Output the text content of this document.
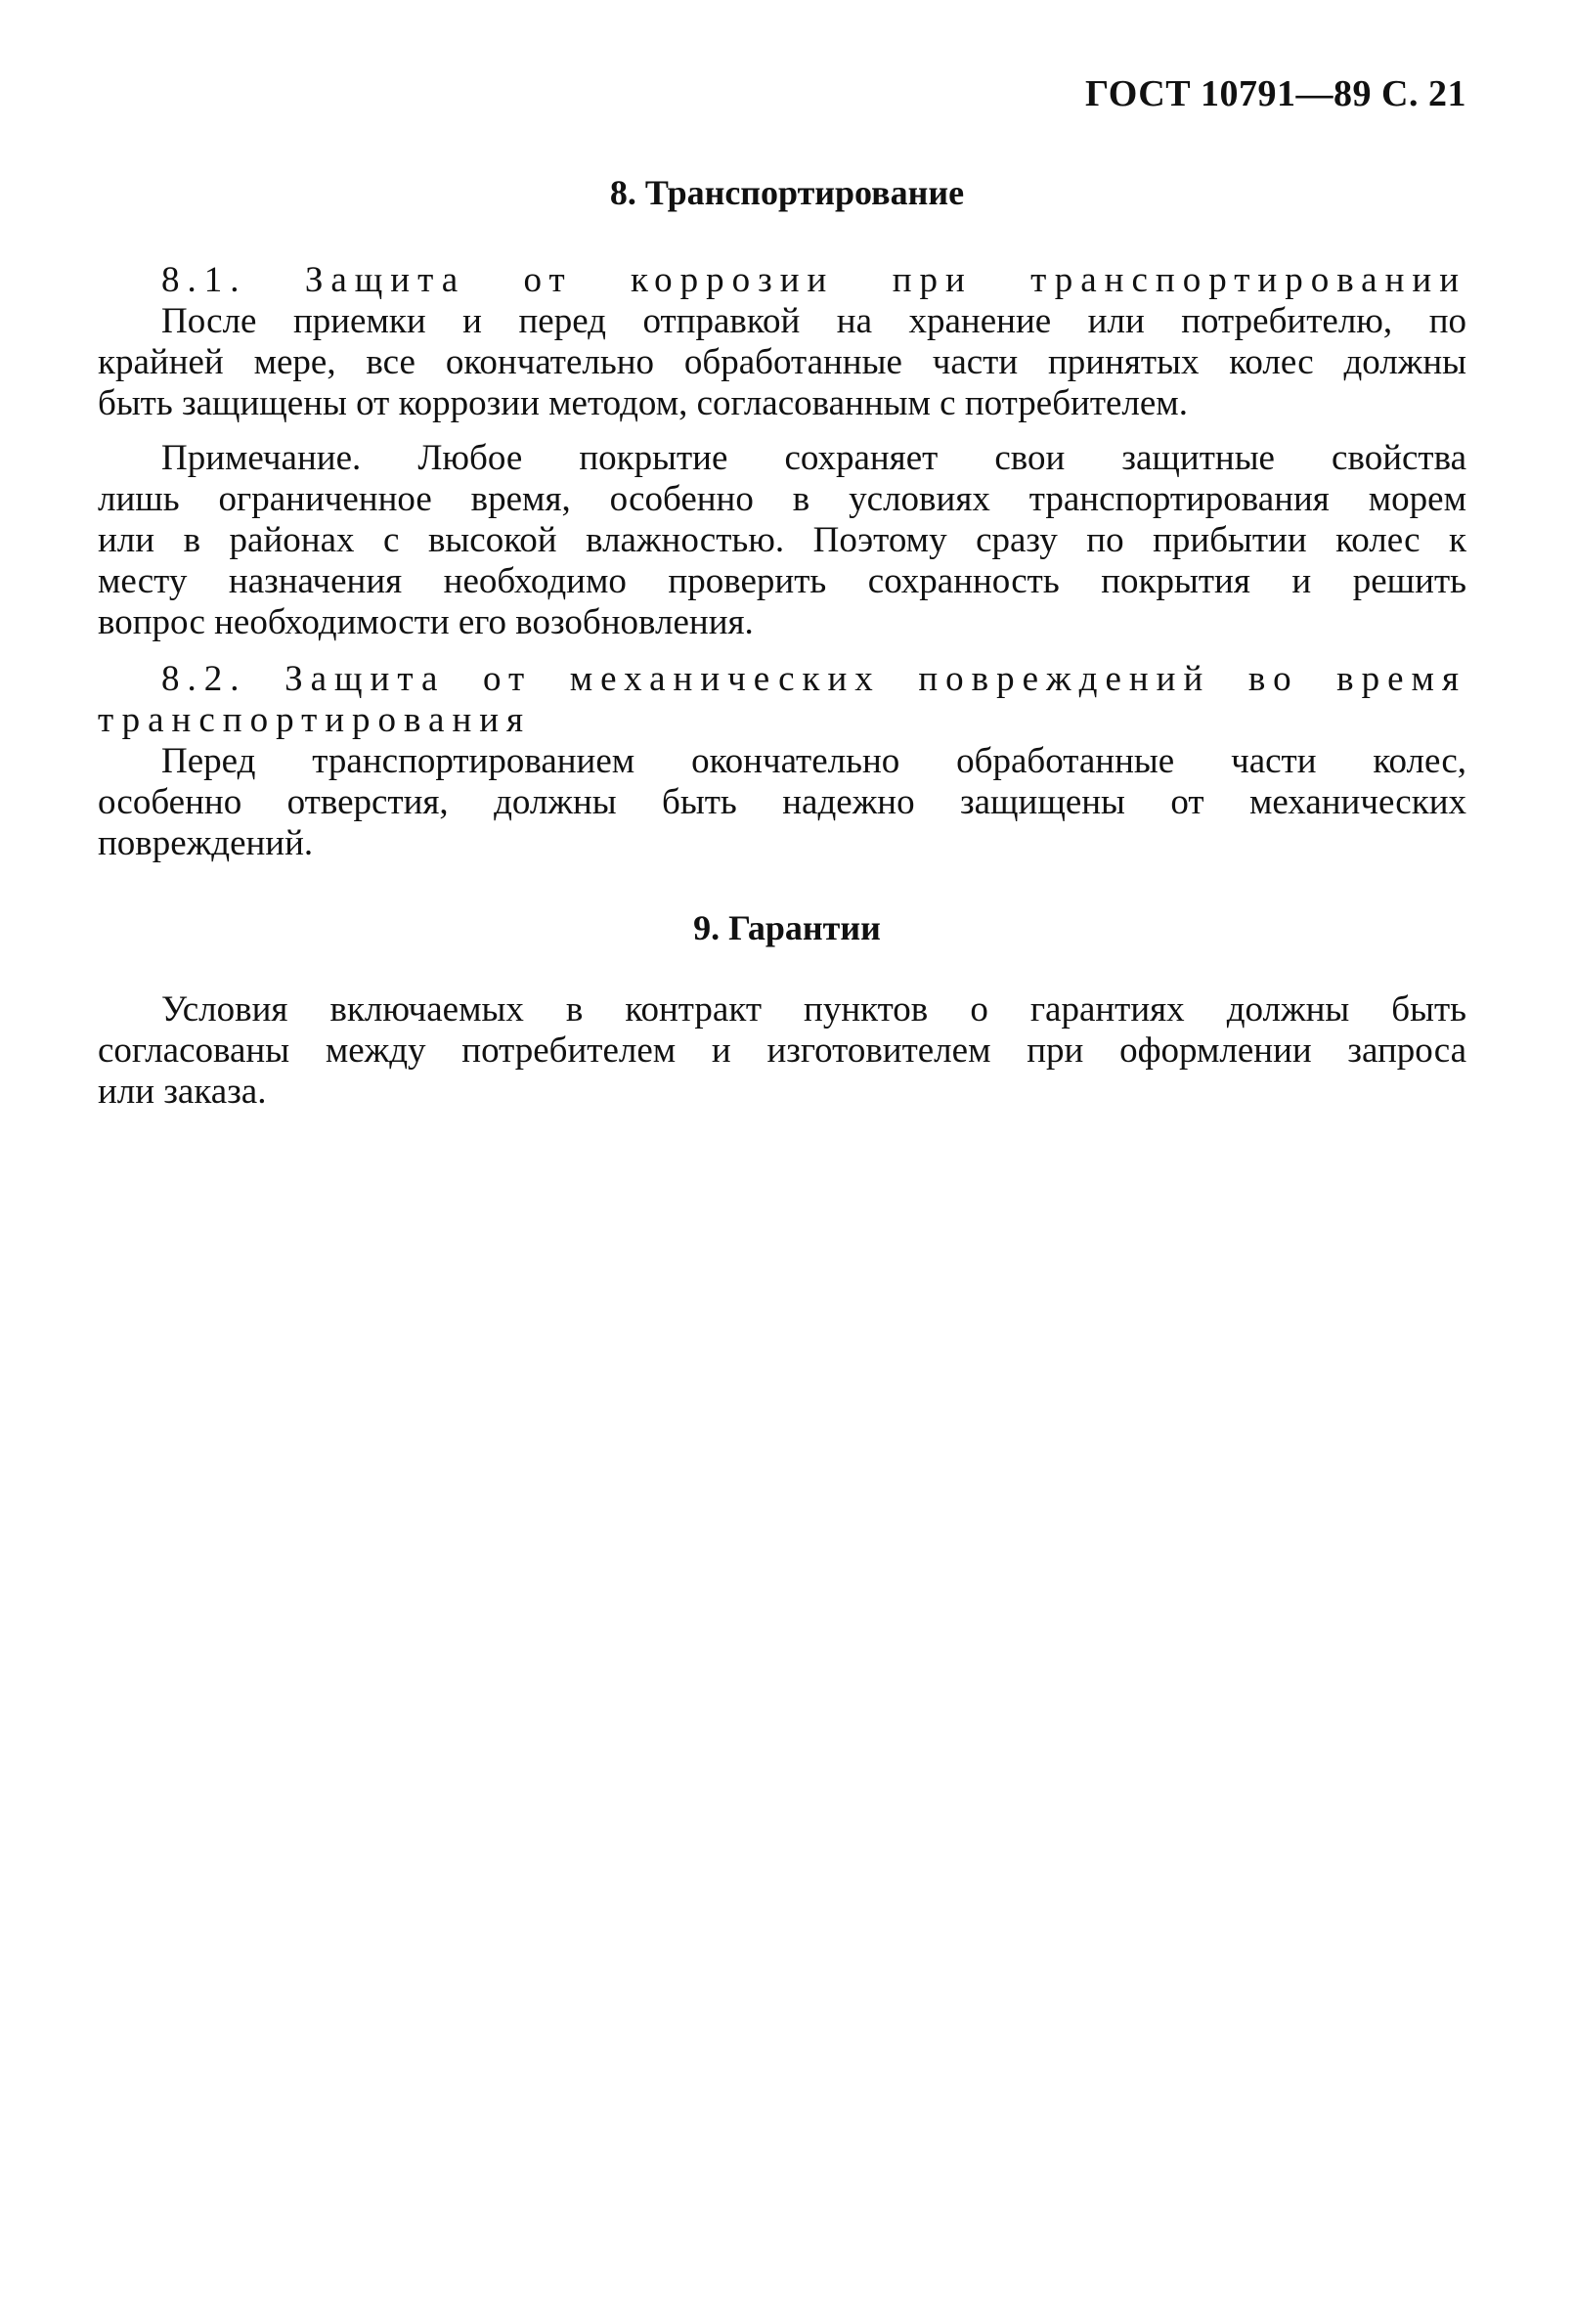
ГОСТ 10791—89 С. 21
8. Транспортирование
8.1. Защита от коррозии при транспортировании
После приемки и перед отправкой на хранение или потребителю, по
крайней мере, все окончательно обработанные части принятых колес должны
быть защищены от коррозии методом, согласованным с потребителем.
Примечание. Любое покрытие сохраняет свои защитные свойства
лишь ограниченное время, особенно в условиях транспортирования морем
или в районах с высокой влажностью. Поэтому сразу по прибытии колес к
месту назначения необходимо проверить сохранность покрытия и решить
вопрос необходимости его возобновления.
8.2. Защита от механических повреждений во время
транспортирования
Перед транспортированием окончательно обработанные части колес,
особенно отверстия, должны быть надежно защищены от механических
повреждений.
9. Гарантии
Условия включаемых в контракт пунктов о гарантиях должны быть
согласованы между потребителем и изготовителем при оформлении запроса
или заказа.
